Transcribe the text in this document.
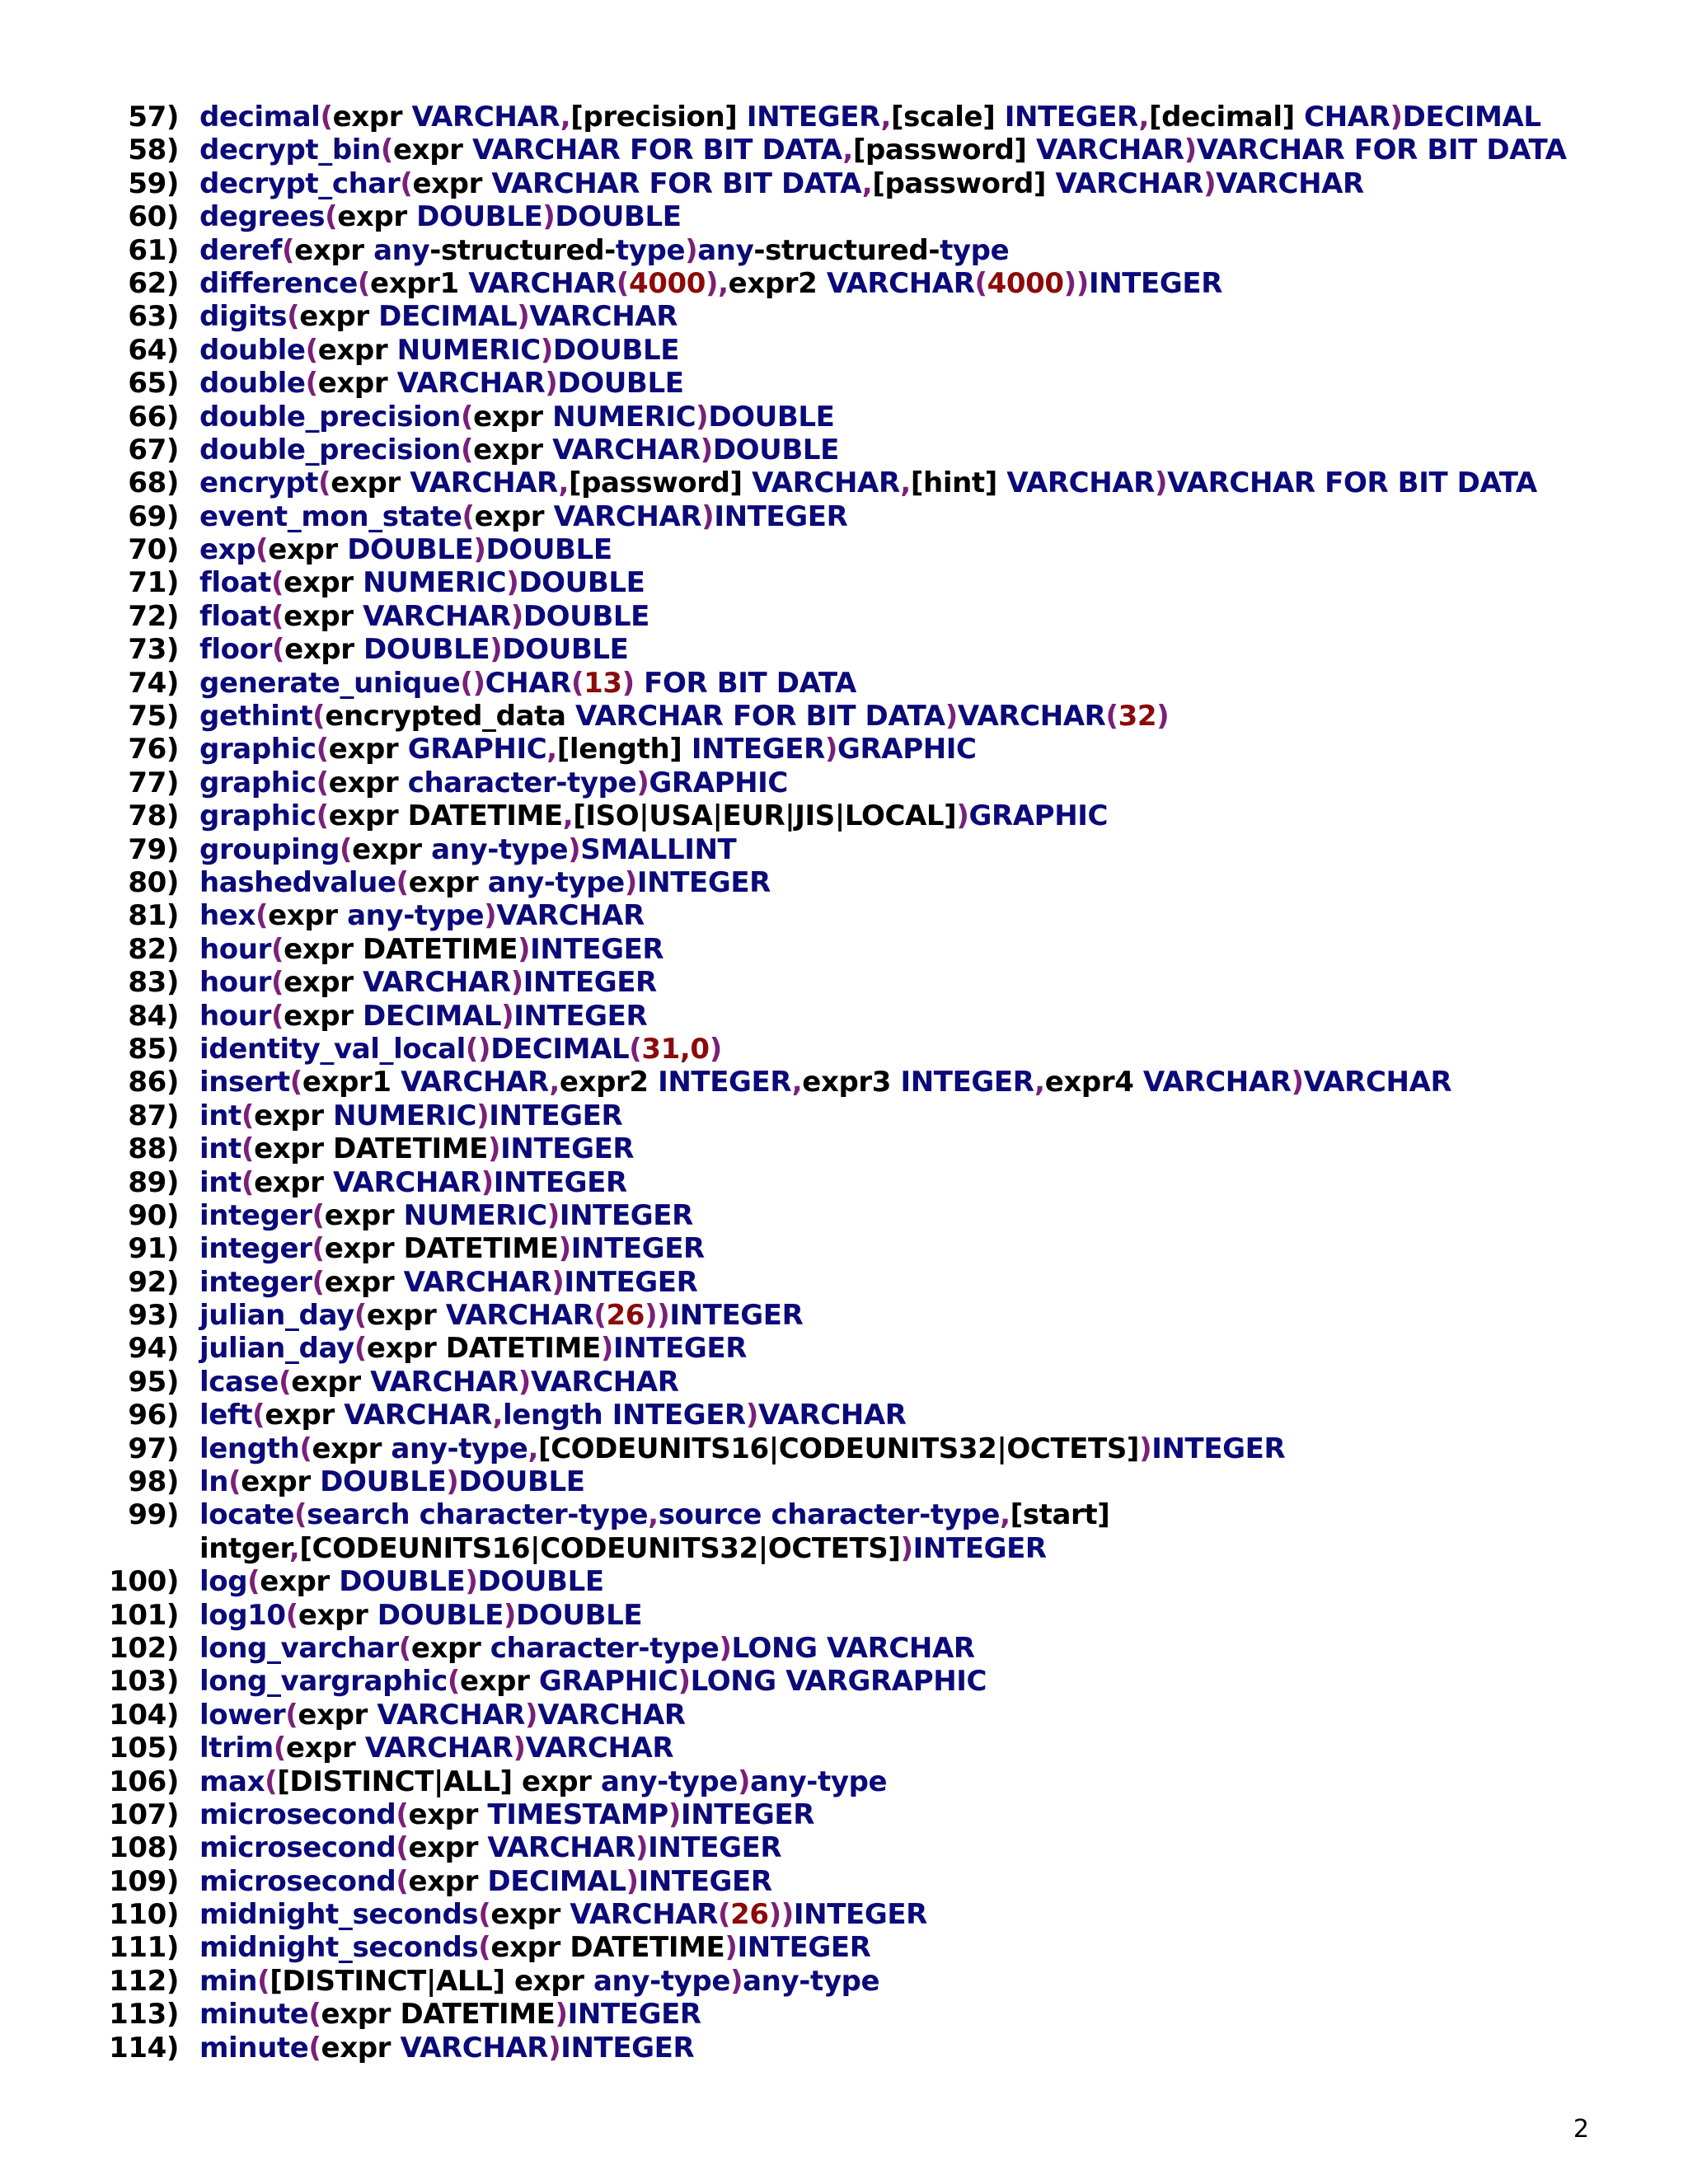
57) decimal(expr VARCHAR,[precision] INTEGER,[scale] INTEGER,[decimal] CHAR)DECIMAL
58) decrypt_bin(expr VARCHAR FOR BIT DATA,[password] VARCHAR)VARCHAR FOR BIT DATA
59) decrypt_char(expr VARCHAR FOR BIT DATA,[password] VARCHAR)VARCHAR
60) degrees(expr DOUBLE)DOUBLE
61) deref(expr any-structured-type)any-structured-type
62) difference(expr1 VARCHAR(4000),expr2 VARCHAR(4000))INTEGER
63) digits(expr DECIMAL)VARCHAR
64) double(expr NUMERIC)DOUBLE
65) double(expr VARCHAR)DOUBLE
66) double_precision(expr NUMERIC)DOUBLE
67) double_precision(expr VARCHAR)DOUBLE
68) encrypt(expr VARCHAR,[password] VARCHAR,[hint] VARCHAR)VARCHAR FOR BIT DATA
69) event_mon_state(expr VARCHAR)INTEGER
70) exp(expr DOUBLE)DOUBLE
71) float(expr NUMERIC)DOUBLE
72) float(expr VARCHAR)DOUBLE
73) floor(expr DOUBLE)DOUBLE
74) generate_unique()CHAR(13) FOR BIT DATA
75) gethint(encrypted_data VARCHAR FOR BIT DATA)VARCHAR(32)
76) graphic(expr GRAPHIC,[length] INTEGER)GRAPHIC
77) graphic(expr character-type)GRAPHIC
78) graphic(expr DATETIME,[ISO|USA|EUR|JIS|LOCAL])GRAPHIC
79) grouping(expr any-type)SMALLINT
80) hashedvalue(expr any-type)INTEGER
81) hex(expr any-type)VARCHAR
82) hour(expr DATETIME)INTEGER
83) hour(expr VARCHAR)INTEGER
84) hour(expr DECIMAL)INTEGER
85) identity_val_local()DECIMAL(31,0)
86) insert(expr1 VARCHAR,expr2 INTEGER,expr3 INTEGER,expr4 VARCHAR)VARCHAR
87) int(expr NUMERIC)INTEGER
88) int(expr DATETIME)INTEGER
89) int(expr VARCHAR)INTEGER
90) integer(expr NUMERIC)INTEGER
91) integer(expr DATETIME)INTEGER
92) integer(expr VARCHAR)INTEGER
93) julian_day(expr VARCHAR(26))INTEGER
94) julian_day(expr DATETIME)INTEGER
95) lcase(expr VARCHAR)VARCHAR
96) left(expr VARCHAR,length INTEGER)VARCHAR
97) length(expr any-type,[CODEUNITS16|CODEUNITS32|OCTETS])INTEGER
98) ln(expr DOUBLE)DOUBLE
99) locate(search character-type,source character-type,[start]
intger,[CODEUNITS16|CODEUNITS32|OCTETS])INTEGER
100) log(expr DOUBLE)DOUBLE
101) log10(expr DOUBLE)DOUBLE
102) long_varchar(expr character-type)LONG VARCHAR
103) long_vargraphic(expr GRAPHIC)LONG VARGRAPHIC
104) lower(expr VARCHAR)VARCHAR
105) ltrim(expr VARCHAR)VARCHAR
106) max([DISTINCT|ALL] expr any-type)any-type
107) microsecond(expr TIMESTAMP)INTEGER
108) microsecond(expr VARCHAR)INTEGER
109) microsecond(expr DECIMAL)INTEGER
110) midnight_seconds(expr VARCHAR(26))INTEGER
111) midnight_seconds(expr DATETIME)INTEGER
112) min([DISTINCT|ALL] expr any-type)any-type
113) minute(expr DATETIME)INTEGER
114) minute(expr VARCHAR)INTEGER
2
